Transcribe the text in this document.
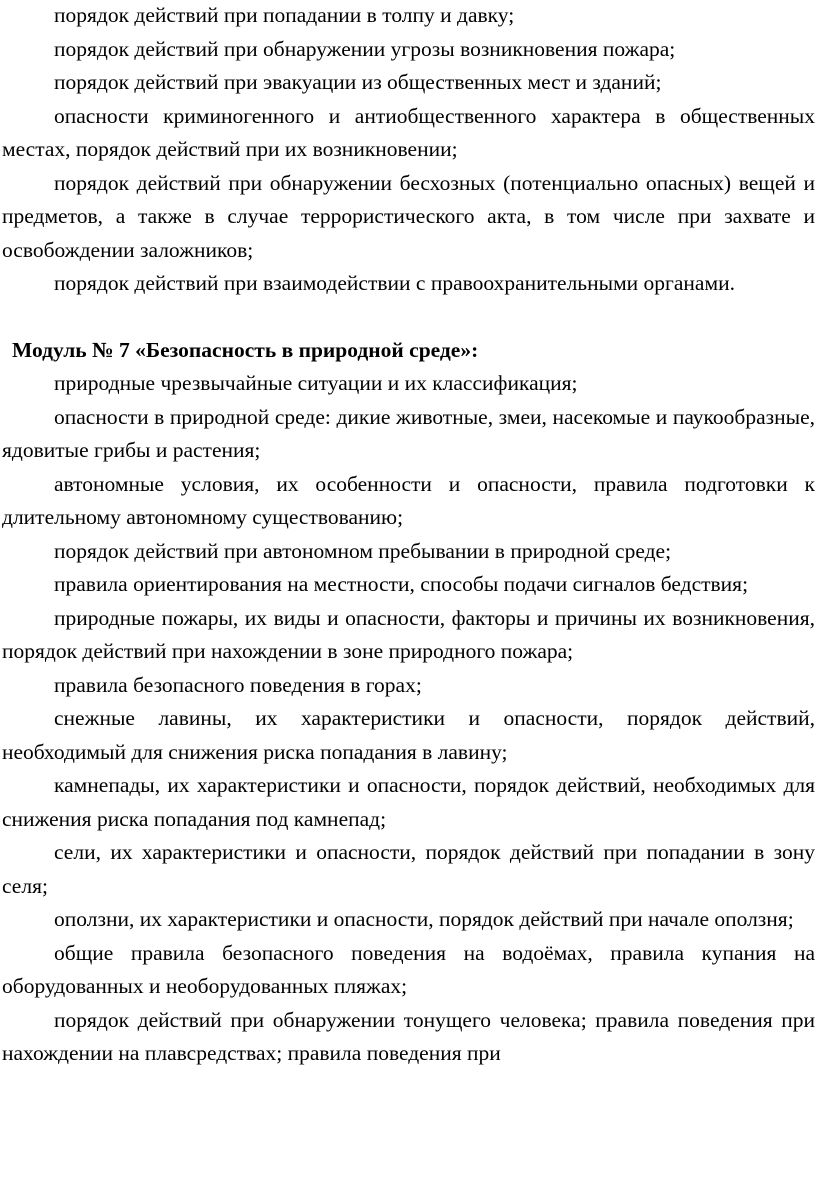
порядок действий при попадании в толпу и давку;

порядок действий при обнаружении угрозы возникновения пожара;

порядок действий при эвакуации из общественных мест и зданий;

опасности криминогенного и антиобщественного характера в общественных местах, порядок действий при их возникновении;

порядок действий при обнаружении бесхозных (потенциально опасных) вещей и предметов, а также в случае террористического акта, в том числе при захвате и освобождении заложников;

порядок действий при взаимодействии с правоохранительными органами.

Модуль № 7 «Безопасность в природной среде»:

природные чрезвычайные ситуации и их классификация;

опасности в природной среде: дикие животные, змеи, насекомые и паукообразные, ядовитые грибы и растения;

автономные условия, их особенности и опасности, правила подготовки к длительному автономному существованию;

порядок действий при автономном пребывании в природной среде;

правила ориентирования на местности, способы подачи сигналов бедствия;

природные пожары, их виды и опасности, факторы и причины их возникновения, порядок действий при нахождении в зоне природного пожара;

правила безопасного поведения в горах;

снежные лавины, их характеристики и опасности, порядок действий, необходимый для снижения риска попадания в лавину;

камнепады, их характеристики и опасности, порядок действий, необходимых для снижения риска попадания под камнепад;

сели, их характеристики и опасности, порядок действий при попадании в зону селя;

оползни, их характеристики и опасности, порядок действий при начале оползня;

общие правила безопасного поведения на водоёмах, правила купания на оборудованных и необорудованных пляжах;

порядок действий при обнаружении тонущего человека; правила поведения при нахождении на плавсредствах; правила поведения при
